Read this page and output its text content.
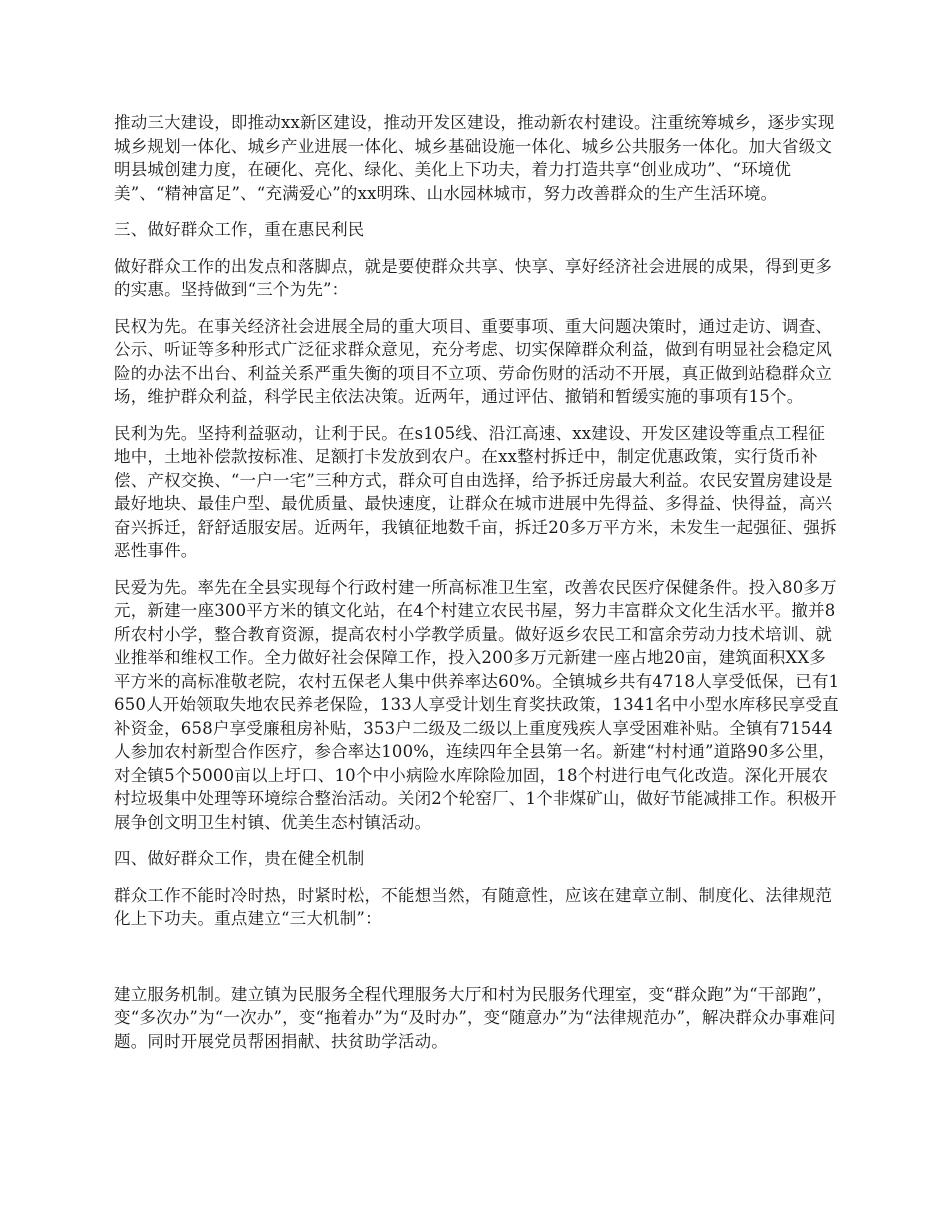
推动三大建设，即推动xx新区建设，推动开发区建设，推动新农村建设。注重统筹城乡，逐步实现城乡规划一体化、城乡产业进展一体化、城乡基础设施一体化、城乡公共服务一体化。加大省级文明县城创建力度，在硬化、亮化、绿化、美化上下功夫，着力打造共享“创业成功”、“环境优美”、“精神富足”、“充满爱心”的xx明珠、山水园林城市，努力改善群众的生产生活环境。

三、做好群众工作，重在惠民利民

做好群众工作的出发点和落脚点，就是要使群众共享、快享、享好经济社会进展的成果，得到更多的实惠。坚持做到“三个为先”：

民权为先。在事关经济社会进展全局的重大项目、重要事项、重大问题决策时，通过走访、调查、公示、听证等多种形式广泛征求群众意见，充分考虑、切实保障群众利益，做到有明显社会稳定风险的办法不出台、利益关系严重失衡的项目不立项、劳命伤财的活动不开展，真正做到站稳群众立场，维护群众利益，科学民主依法决策。近两年，通过评估、撤销和暂缓实施的事项有15个。

民利为先。坚持利益驱动，让利于民。在s105线、沿江高速、xx建设、开发区建设等重点工程征地中，土地补偿款按标准、足额打卡发放到农户。在xx整村拆迁中，制定优惠政策，实行货币补偿、产权交换、“一户一宅”三种方式，群众可自由选择，给予拆迁房最大利益。农民安置房建设是最好地块、最佳户型、最优质量、最快速度，让群众在城市进展中先得益、多得益、快得益，高兴奋兴拆迁，舒舒适服安居。近两年，我镇征地数千亩，拆迁20多万平方米，未发生一起强征、强拆恶性事件。

民爱为先。率先在全县实现每个行政村建一所高标准卫生室，改善农民医疗保健条件。投入80多万元，新建一座300平方米的镇文化站，在4个村建立农民书屋，努力丰富群众文化生活水平。撤并8所农村小学，整合教育资源，提高农村小学教学质量。做好返乡农民工和富余劳动力技术培训、就业推举和维权工作。全力做好社会保障工作，投入200多万元新建一座占地20亩，建筑面积XX多平方米的高标准敬老院，农村五保老人集中供养率达60%。全镇城乡共有4718人享受低保，已有1650人开始领取失地农民养老保险，133人享受计划生育奖扶政策，1341名中小型水库移民享受直补资金，658户享受廉租房补贴，353户二级及二级以上重度残疾人享受困难补贴。全镇有71544人参加农村新型合作医疗，参合率达100%，连续四年全县第一名。新建“村村通”道路90多公里，对全镇5个5000亩以上圩口、10个中小病险水库除险加固，18个村进行电气化改造。深化开展农村垃圾集中处理等环境综合整治活动。关闭2个轮窑厂、1个非煤矿山，做好节能减排工作。积极开展争创文明卫生村镇、优美生态村镇活动。

四、做好群众工作，贵在健全机制

群众工作不能时冷时热，时紧时松，不能想当然，有随意性，应该在建章立制、制度化、法律规范化上下功夫。重点建立“三大机制”：

建立服务机制。建立镇为民服务全程代理服务大厅和村为民服务代理室，变“群众跑”为“干部跑”，变“多次办”为“一次办”，变“拖着办”为“及时办”，变“随意办”为“法律规范办”，解决群众办事难问题。同时开展党员帮困捐献、扶贫助学活动。
